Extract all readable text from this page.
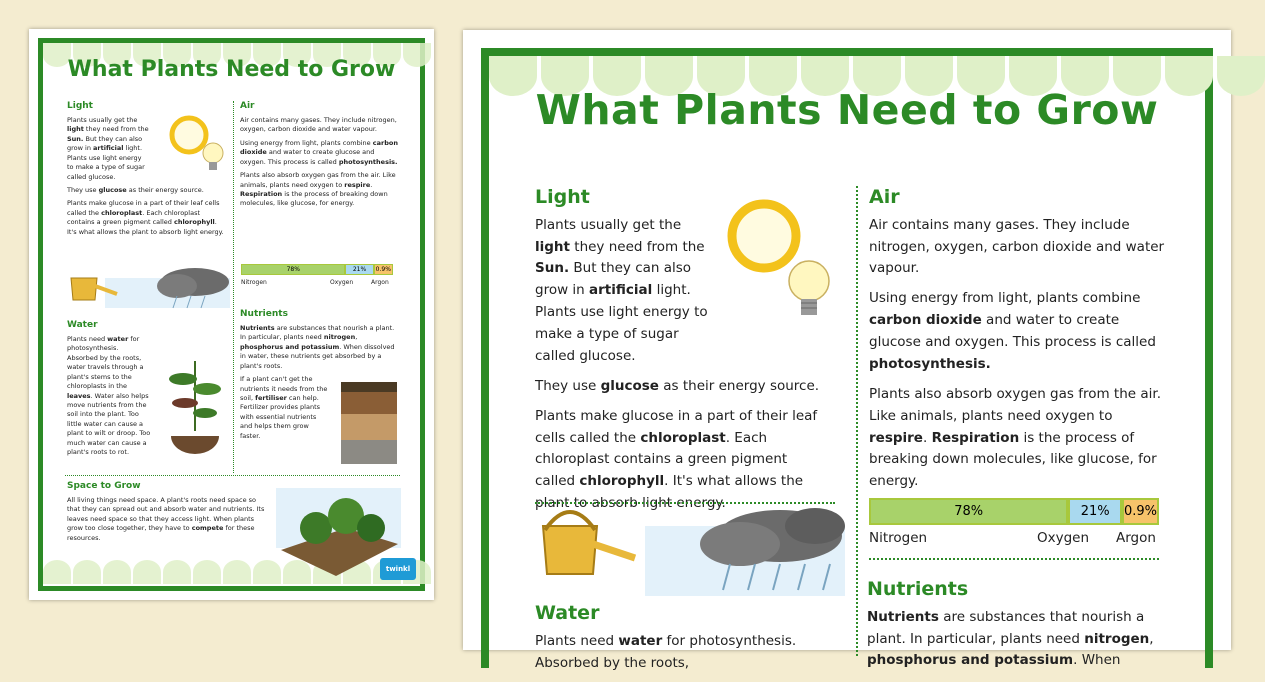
What Plants Need to Grow
Light

Plants usually get the light they need from the Sun. But they can also grow in artificial light. Plants use light energy to make a type of sugar called glucose.

They use glucose as their energy source.

Plants make glucose in a part of their leaf cells called the chloroplast. Each chloroplast contains a green pigment called chlorophyll. It's what allows the plant to absorb light energy.

Air

Air contains many gases. They include nitrogen, oxygen, carbon dioxide and water vapour.

Using energy from light, plants combine carbon dioxide and water to create glucose and oxygen. This process is called photosynthesis.

Plants also absorb oxygen gas from the air. Like animals, plants need oxygen to respire. Respiration is the process of breaking down molecules, like glucose, for energy.

78%	21% 0.9%
Nitrogen	Oxygen	Argon
Water

Plants need water for photosynthesis. Absorbed by the roots, water travels through a plant's stems to the chloroplasts in the leaves. Water also helps move nutrients from the soil into the plant. Too little water can cause a plant to wilt or droop. Too much water can cause a plant's roots to rot.

Nutrients

Nutrients are substances that nourish a plant. In particular, plants need nitrogen, phosphorus and potassium. When dissolved in water, these nutrients get absorbed by a plant's roots.

If a plant can't get the nutrients it needs from the soil, fertiliser can help. Fertilizer provides plants with essential nutrients and helps them grow faster.

Space to Grow

All living things need space. A plant's roots need space so that they can spread out and absorb water and nutrients. Its leaves need space so that they access light. When plants grow too close together, they have to compete for these resources.

twinkl
What Plants Need to Grow
Light

Plants usually get the light they need from the Sun. But they can also grow in artificial light. Plants use light energy to make a type of sugar called glucose.

They use glucose as their energy source.

Plants make glucose in a part of their leaf cells called the chloroplast. Each chloroplast contains a green pigment called chlorophyll. It's what allows the plant to absorb light energy.

Air

Air contains many gases. They include nitrogen, oxygen, carbon dioxide and water vapour.

Using energy from light, plants combine carbon dioxide and water to create glucose and oxygen. This process is called photosynthesis.

Plants also absorb oxygen gas from the air. Like animals, plants need oxygen to respire. Respiration is the process of breaking down molecules, like glucose, for energy.

78%	21% 0.9%
Nitrogen	Oxygen Argon
Water

Plants need water for photosynthesis.
Absorbed by the roots,

Nutrients

Nutrients are substances that nourish a plant. In particular, plants need nitrogen, phosphorus and potassium. When
